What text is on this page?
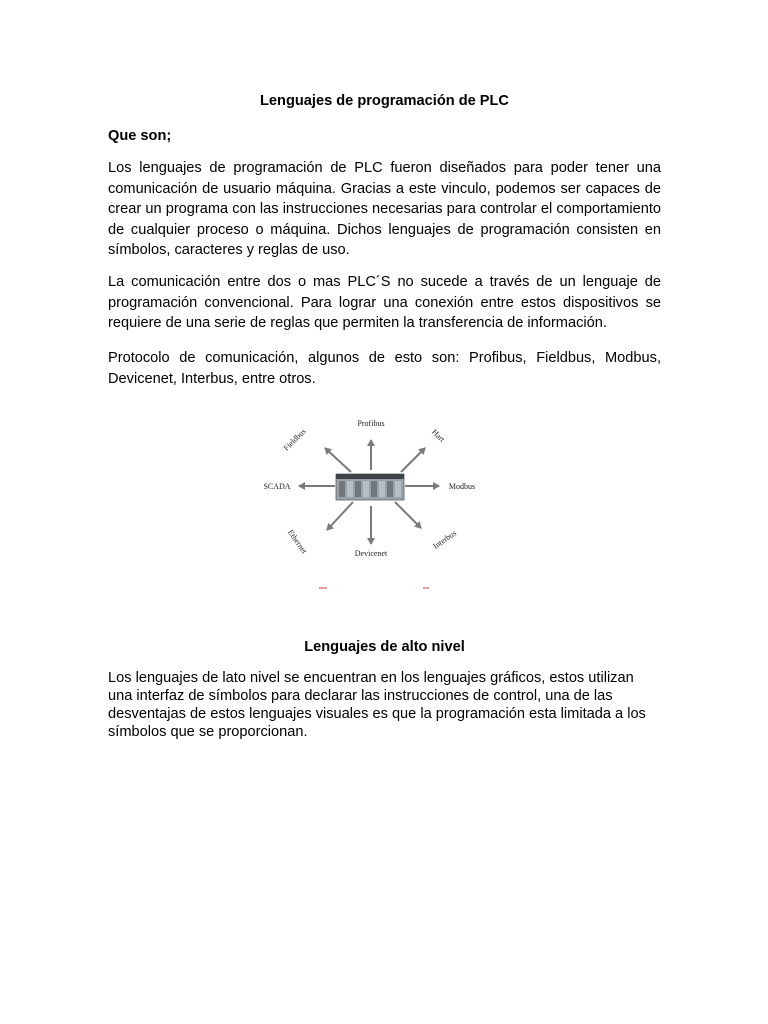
Lenguajes de programación de PLC
Que son;

Los lenguajes de programación de PLC fueron diseñados para poder tener una comunicación de usuario máquina. Gracias a este vinculo, podemos ser capaces de crear un programa con las instrucciones necesarias para controlar el comportamiento de cualquier proceso o máquina. Dichos lenguajes de programación consisten en símbolos, caracteres y reglas de uso.

La comunicación entre dos o mas PLC´S no sucede a través de un lenguaje de programación convencional. Para lograr una conexión entre estos dispositivos se requiere de una serie de reglas que permiten la transferencia de información.

Protocolo de comunicación, algunos de esto son: Profibus, Fieldbus, Modbus, Devicenet, Interbus, entre otros.

Profibus
Fieldbus	Hart
SCADA	Modbus
Ethernet	Devicenet
Interbus
Lenguajes de alto nivel

Los lenguajes de lato nivel se encuentran en los lenguajes gráficos, estos utilizan una interfaz de símbolos para declarar las instrucciones de control, una de las desventajas de estos lenguajes visuales es que la programación esta limitada a los símbolos que se proporcionan.
